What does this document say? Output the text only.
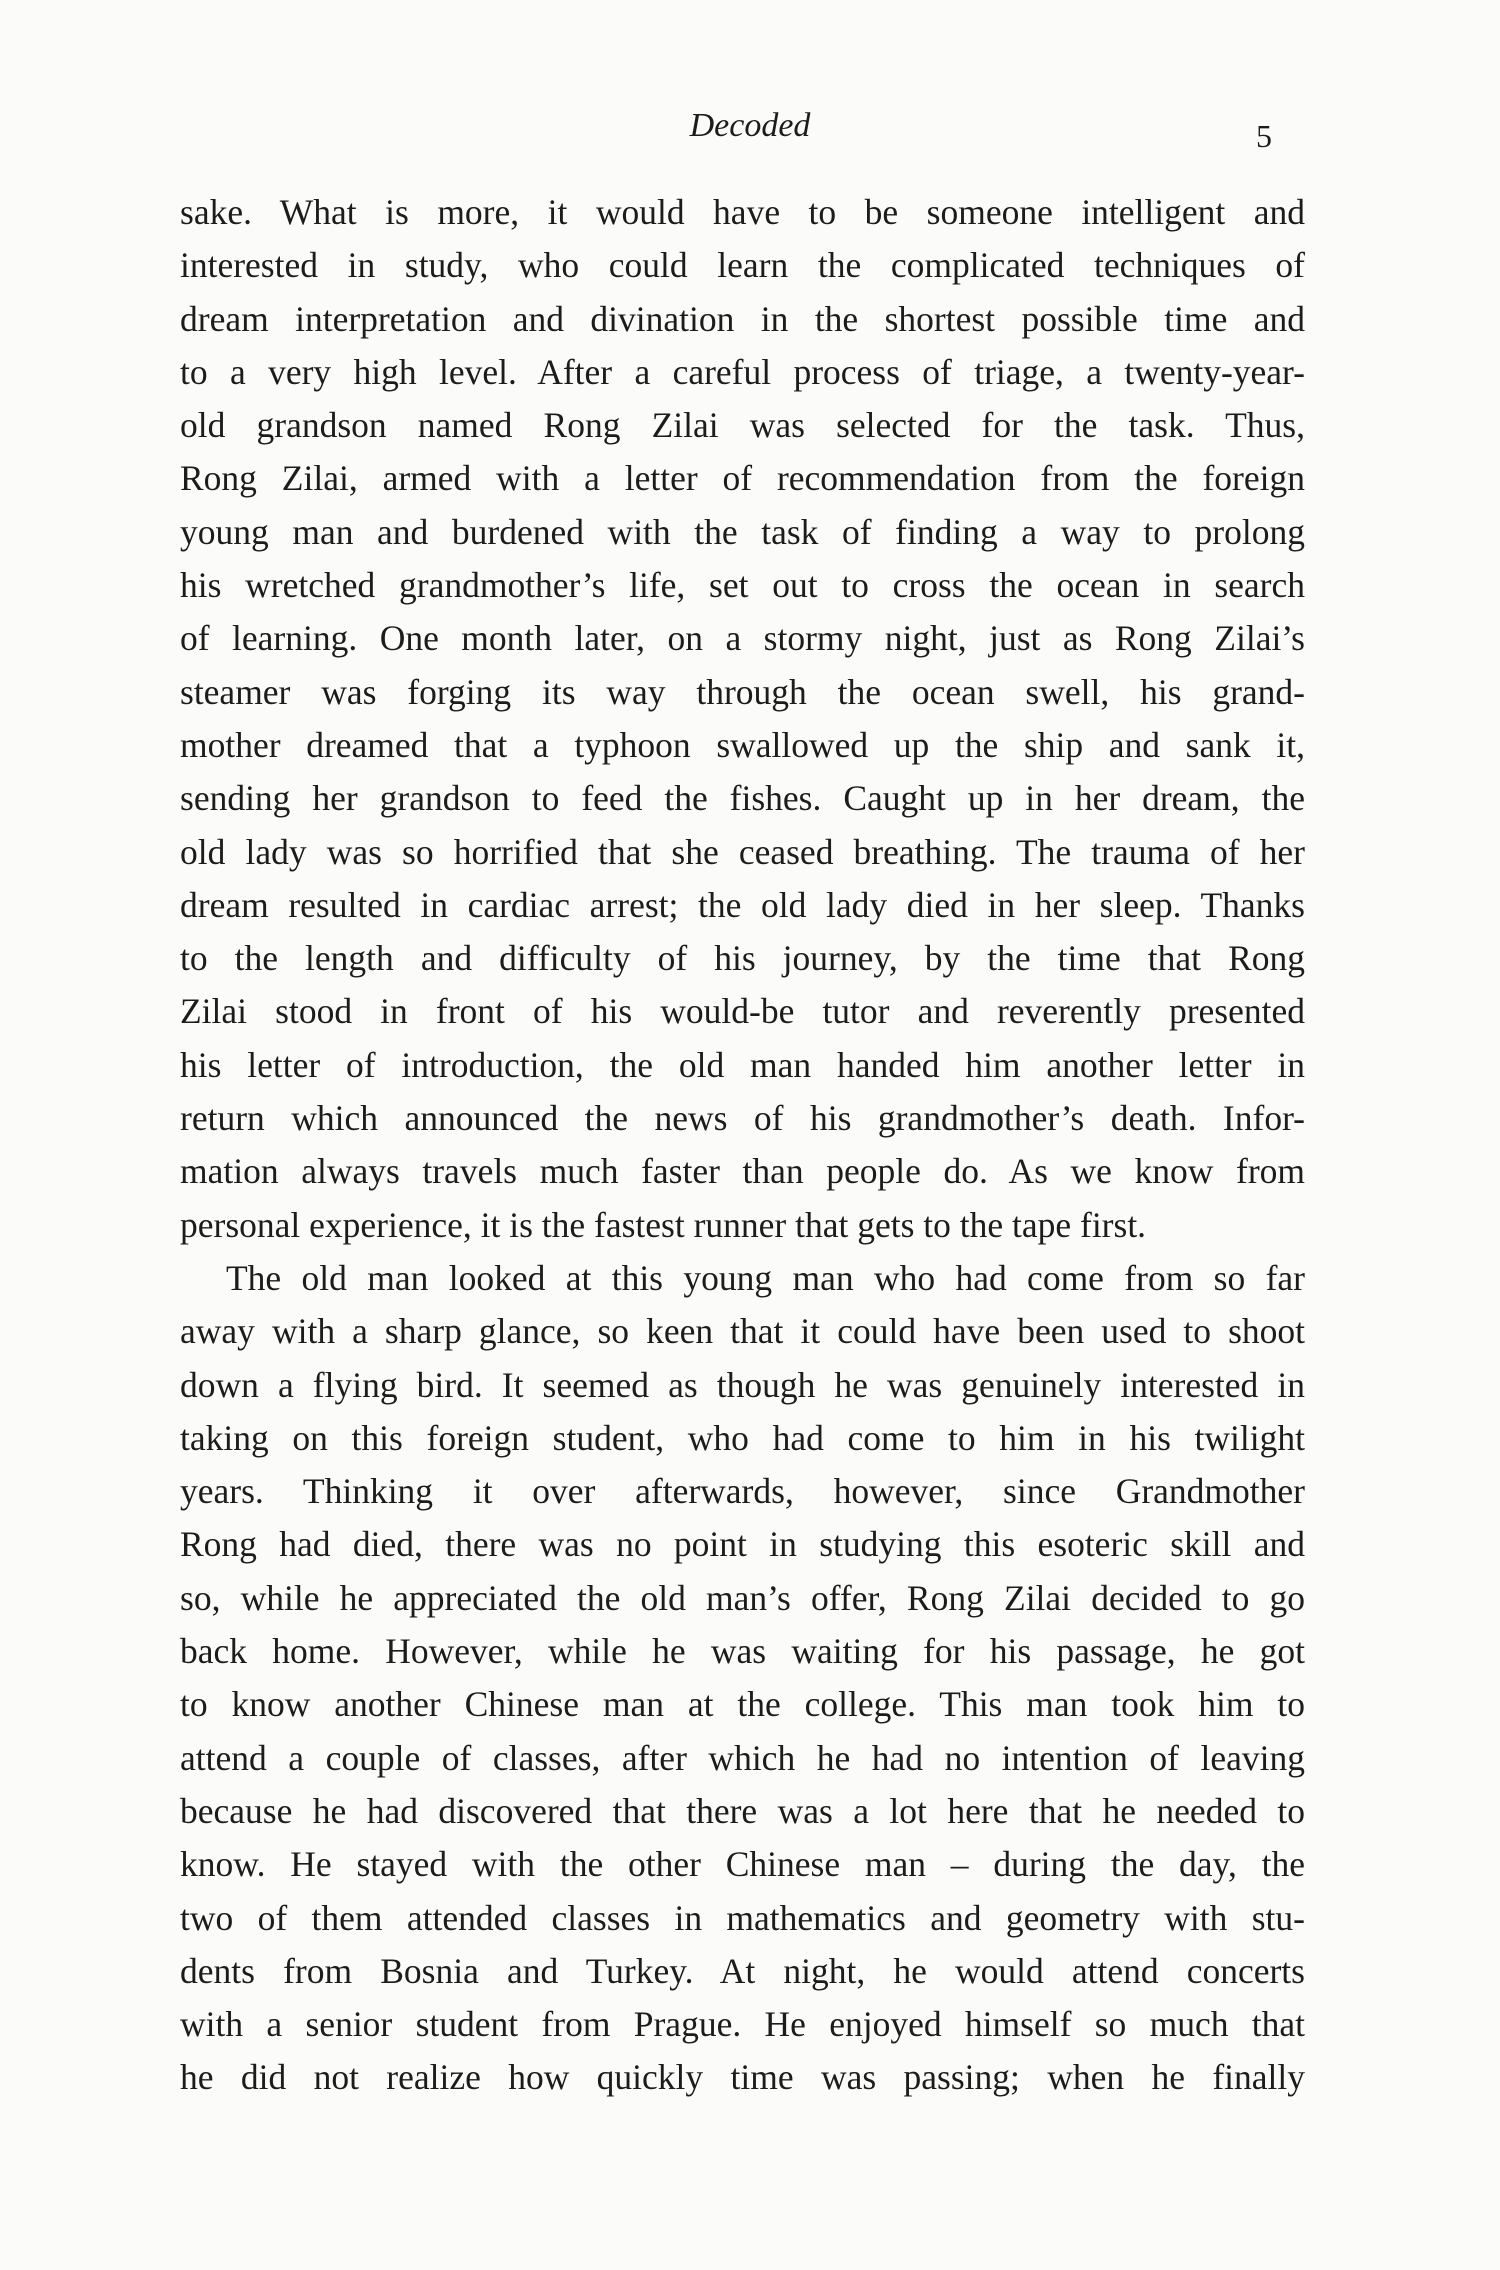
Decoded	5
sake. What is more, it would have to be someone intelligent and
interested in study, who could learn the complicated techniques of
dream interpretation and divination in the shortest possible time and
to a very high level. After a careful process of triage, a twenty-year-
old grandson named Rong Zilai was selected for the task. Thus,
Rong Zilai, armed with a letter of recommendation from the foreign
young man and burdened with the task of finding a way to prolong
his wretched grandmother’s life, set out to cross the ocean in search
of learning. One month later, on a stormy night, just as Rong Zilai’s
steamer was forging its way through the ocean swell, his grand-
mother dreamed that a typhoon swallowed up the ship and sank it,
sending her grandson to feed the fishes. Caught up in her dream, the
old lady was so horrified that she ceased breathing. The trauma of her
dream resulted in cardiac arrest; the old lady died in her sleep. Thanks
to the length and difficulty of his journey, by the time that Rong
Zilai stood in front of his would-be tutor and reverently presented
his letter of introduction, the old man handed him another letter in
return which announced the news of his grandmother’s death. Infor-
mation always travels much faster than people do. As we know from
personal experience, it is the fastest runner that gets to the tape first.
The old man looked at this young man who had come from so far
away with a sharp glance, so keen that it could have been used to shoot
down a flying bird. It seemed as though he was genuinely interested in
taking on this foreign student, who had come to him in his twilight
years. Thinking it over afterwards, however, since Grandmother
Rong had died, there was no point in studying this esoteric skill and
so, while he appreciated the old man’s offer, Rong Zilai decided to go
back home. However, while he was waiting for his passage, he got
to know another Chinese man at the college. This man took him to
attend a couple of classes, after which he had no intention of leaving
because he had discovered that there was a lot here that he needed to
know. He stayed with the other Chinese man – during the day, the
two of them attended classes in mathematics and geometry with stu-
dents from Bosnia and Turkey. At night, he would attend concerts
with a senior student from Prague. He enjoyed himself so much that
he did not realize how quickly time was passing; when he finally
